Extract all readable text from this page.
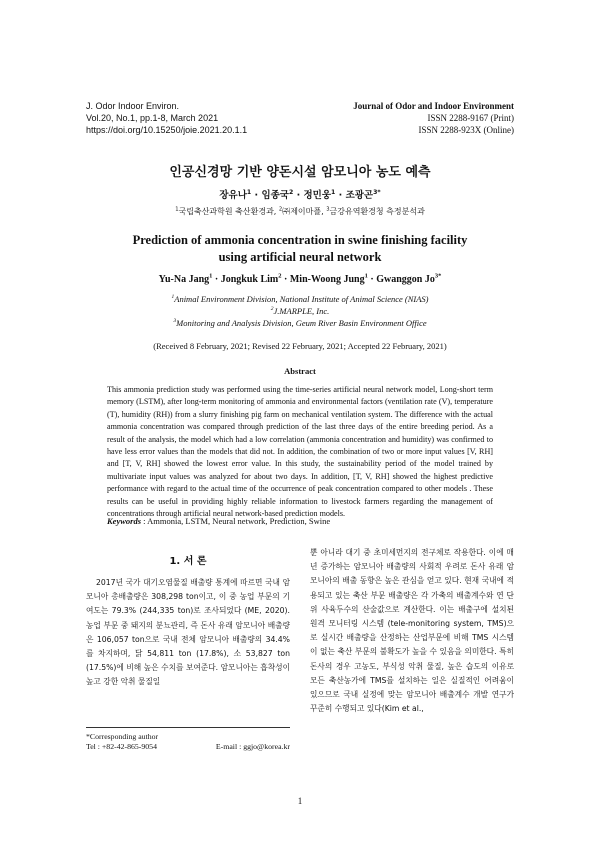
J. Odor Indoor Environ.
Vol.20, No.1, pp.1-8, March 2021
https://doi.org/10.15250/joie.2021.20.1.1
Journal of Odor and Indoor Environment
ISSN 2288-9167 (Print)
ISSN 2288-923X (Online)
인공신경망 기반 양돈시설 암모니아 농도 예측
장유나$^1$ · 임종국$^2$ · 정민웅$^1$ · 조광곤$^{3*}$
$^1$국립축산과학원 축산환경과, $^2$㈜제이마플, $^3$금강유역환경청 측정분석과
Prediction of ammonia concentration in swine finishing facility
using artificial neural network
Yu-Na Jang$^1$ · Jongkuk Lim$^2$ · Min-Woong Jung$^1$ · Gwanggon $Jo^{3*}$
$^1$Animal Environment Division, National Institute of Animal Science (NIAS)
$^2$J.MARPLE, Inc.
$^3$Monitoring and Analysis Division, Geum River Basin Environment Office
(Received 8 February, 2021; Revised 22 February, 2021; Accepted 22 February, 2021)
Abstract

This ammonia prediction study was performed using the time-series artificial neural network model, Long-short term memory (LSTM), after long-term monitoring of ammonia and environmental factors (ventilation rate (V), temperature (T), humidity (RH)) from a slurry finishing pig farm on mechanical ventilation system. The difference with the actual ammonia concentration was compared through prediction of the last three days of the entire breeding period. As a result of the analysis, the model which had a low correlation (ammonia concentration and humidity) was confirmed to have less error values than the models that did not. In addition, the combination of two or more input values [V, RH] and [T, V, RH] showed the lowest error value. In this study, the sustainability period of the model trained by multivariate input values was analyzed for about two days. In addition, [T, V, RH] showed the highest predictive performance with regard to the actual time of the occurrence of peak concentration compared to other models . These results can be useful in providing highly reliable information to livestock farmers regarding the management of concentrations through artificial neural network-based prediction models.

Keywords : Ammonia, LSTM, Neural network, Prediction, Swine
1. 서 론

2017년 국가 대기오염물질 배출량 통계에 따르면 국내 암모니아 총배출량은 308,298 ton이고, 이 중 농업 부문의 기여도는 79.3% (244,335 ton)로 조사되었다 (ME, 2020). 농업 부문 중 돼지의 분뇨관리, 즉 돈사 유래 암모니아 배출량은 106,057 ton으로 국내 전체 암모니아 배출량의 34.4%를 차지하며, 닭 54,811 ton (17.8%), 소 53,827 ton (17.5%)에 비해 높은 수치를 보여준다. 암모니아는 흡착성이 높고 강한 악취 물질일

뿐 아니라 대기 중 초미세먼지의 전구체로 작용한다. 이에 매년 증가하는 암모니아 배출량의 사회적 우려로 돈사 유래 암모니아의 배출 동향은 높은 관심을 얻고 있다. 현재 국내에 적용되고 있는 축산 부문 배출량은 각 가축의 배출계수와 연 단위 사육두수의 산술값으로 계산한다. 이는 배출구에 설치된 원격 모니터링 시스템 (tele-monitoring system, TMS)으로 실시간 배출량을 산정하는 산업부문에 비해 TMS 시스템이 없는 축산 부문의 불확도가 높을 수 있음을 의미한다. 특히 돈사의 경우 고농도, 부식성 악취 물질, 높은 습도의 이유로 모든 축산농가에 TMS를 설치하는 일은 실질적인 어려움이 있으므로 국내 실정에 맞는 암모니아 배출계수 개발 연구가 꾸준히 수행되고 있다(Kim et al.,

*Corresponding author
Tel : +82-42-865-9054	E-mail : ggjo@korea.kr
1
